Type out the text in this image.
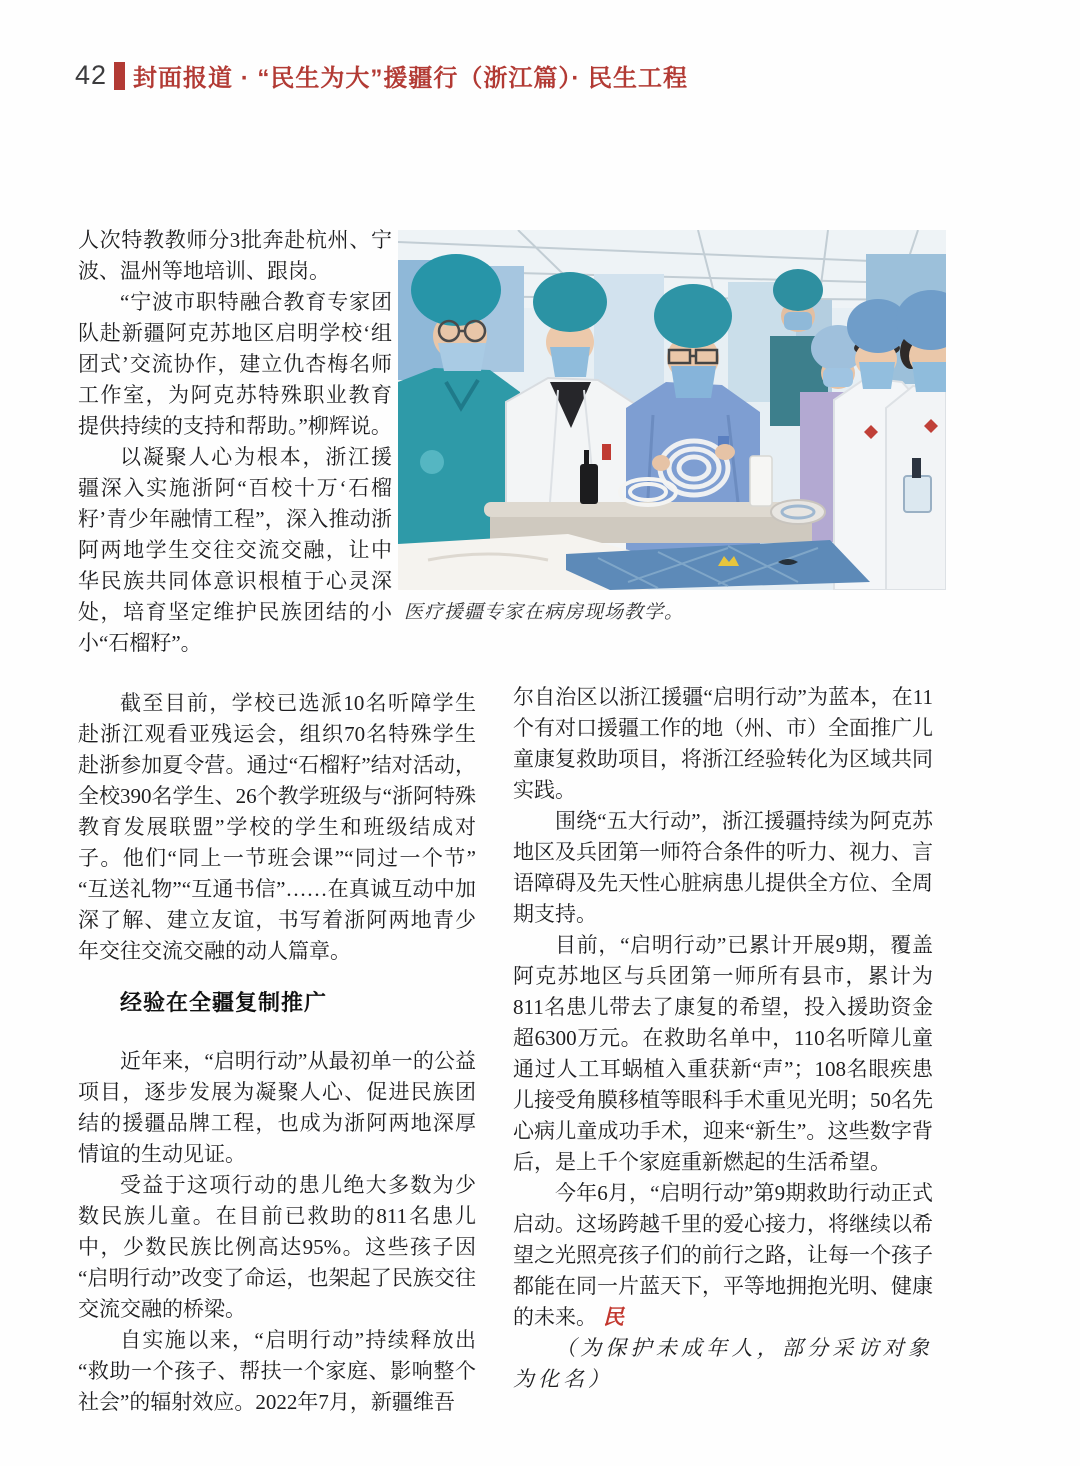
42 封面报道 · “民生为大”援疆行（浙江篇）· 民生工程

人次特教教师分3批奔赴杭州、宁波、温州等地培训、跟岗。

“宁波市职特融合教育专家团队赴新疆阿克苏地区启明学校‘组团式’交流协作，建立仇杏梅名师工作室，为阿克苏特殊职业教育提供持续的支持和帮助。”柳辉说。

以凝聚人心为根本，浙江援疆深入实施浙阿“百校十万‘石榴籽’青少年融情工程”，深入推动浙阿两地学生交往交流交融，让中华民族共同体意识根植于心灵深处，培育坚定维护民族团结的小小“石榴籽”。

医疗援疆专家在病房现场教学。

截至目前，学校已选派10名听障学生赴浙江观看亚残运会，组织70名特殊学生赴浙参加夏令营。通过“石榴籽”结对活动，全校390名学生、26个教学班级与“浙阿特殊教育发展联盟”学校的学生和班级结成对子。他们“同上一节班会课”“同过一个节”“互送礼物”“互通书信”……在真诚互动中加深了解、建立友谊，书写着浙阿两地青少年交往交流交融的动人篇章。

经验在全疆复制推广

近年来，“启明行动”从最初单一的公益项目，逐步发展为凝聚人心、促进民族团结的援疆品牌工程，也成为浙阿两地深厚情谊的生动见证。

受益于这项行动的患儿绝大多数为少数民族儿童。在目前已救助的811名患儿中，少数民族比例高达95%。这些孩子因“启明行动”改变了命运，也架起了民族交往交流交融的桥梁。

自实施以来，“启明行动”持续释放出“救助一个孩子、帮扶一个家庭、影响整个社会”的辐射效应。2022年7月，新疆维吾

尔自治区以浙江援疆“启明行动”为蓝本，在11个有对口援疆工作的地（州、市）全面推广儿童康复救助项目，将浙江经验转化为区域共同实践。

围绕“五大行动”，浙江援疆持续为阿克苏地区及兵团第一师符合条件的听力、视力、言语障碍及先天性心脏病患儿提供全方位、全周期支持。

目前，“启明行动”已累计开展9期，覆盖阿克苏地区与兵团第一师所有县市，累计为811名患儿带去了康复的希望，投入援助资金超6300万元。在救助名单中，110名听障儿童通过人工耳蜗植入重获新“声”；108名眼疾患儿接受角膜移植等眼科手术重见光明；50名先心病儿童成功手术，迎来“新生”。这些数字背后，是上千个家庭重新燃起的生活希望。

今年6月，“启明行动”第9期救助行动正式启动。这场跨越千里的爱心接力，将继续以希望之光照亮孩子们的前行之路，让每一个孩子都能在同一片蓝天下，平等地拥抱光明、健康的未来。 民

（为保护未成年人，部分采访对象为化名）
